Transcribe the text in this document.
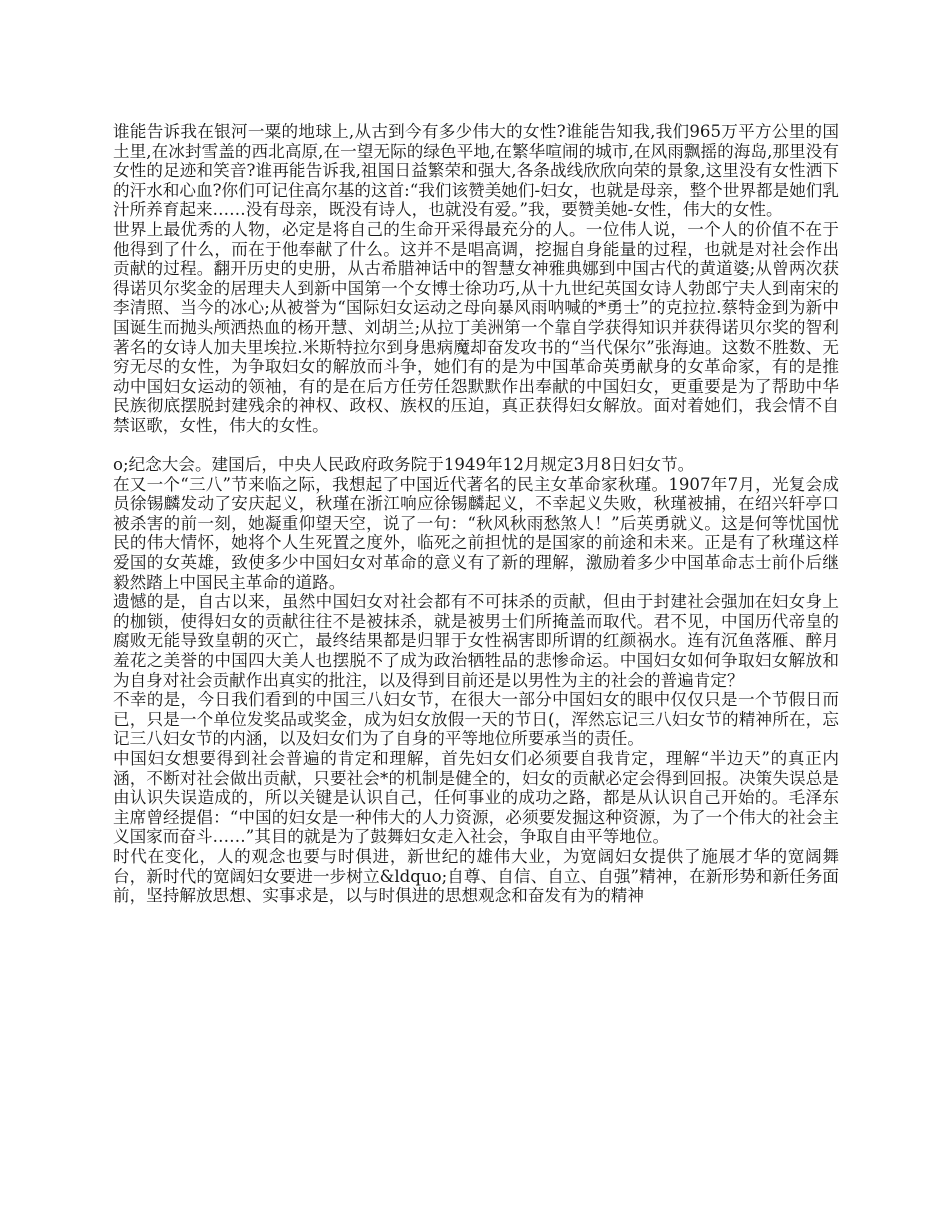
谁能告诉我在银河一粟的地球上,从古到今有多少伟大的女性?谁能告知我,我们965万平方公里的国土里,在冰封雪盖的西北高原,在一望无际的绿色平地,在繁华喧闹的城市,在风雨飘摇的海岛,那里没有女性的足迹和笑音?谁再能告诉我,祖国日益繁荣和强大,各条战线欣欣向荣的景象,这里没有女性洒下的汗水和心血?你们可记住高尔基的这首:“我们该赞美她们-妇女，也就是母亲，整个世界都是她们乳汁所养育起来……没有母亲，既没有诗人，也就没有爱。”我，要赞美她-女性，伟大的女性。

世界上最优秀的人物，必定是将自己的生命开采得最充分的人。一位伟人说，一个人的价值不在于他得到了什么，而在于他奉献了什么。这并不是唱高调，挖掘自身能量的过程，也就是对社会作出贡献的过程。翻开历史的史册，从古希腊神话中的智慧女神雅典娜到中国古代的黄道婆;从曾两次获得诺贝尔奖金的居理夫人到新中国第一个女博士徐功巧,从十九世纪英国女诗人勃郎宁夫人到南宋的李清照、当今的冰心;从被誉为“国际妇女运动之母向暴风雨呐喊的*勇士”的克拉拉.蔡特金到为新中国诞生而抛头颅洒热血的杨开慧、刘胡兰;从拉丁美洲第一个靠自学获得知识并获得诺贝尔奖的智利著名的女诗人加夫里埃拉.米斯特拉尔到身患病魔却奋发攻书的“当代保尔”张海迪。这数不胜数、无穷无尽的女性，为争取妇女的解放而斗争，她们有的是为中国革命英勇献身的女革命家，有的是推动中国妇女运动的领袖，有的是在后方任劳任怨默默作出奉献的中国妇女，更重要是为了帮助中华民族彻底摆脱封建残余的神权、政权、族权的压迫，真正获得妇女解放。面对着她们，我会情不自禁讴歌，女性，伟大的女性。

o;纪念大会。建国后，中央人民政府政务院于1949年12月规定3月8日妇女节。

在又一个“三八”节来临之际，我想起了中国近代著名的民主女革命家秋瑾。1907年7月，光复会成员徐锡麟发动了安庆起义，秋瑾在浙江响应徐锡麟起义，不幸起义失败，秋瑾被捕，在绍兴轩亭口被杀害的前一刻，她凝重仰望天空，说了一句：“秋风秋雨愁煞人！”后英勇就义。这是何等忧国忧民的伟大情怀，她将个人生死置之度外，临死之前担忧的是国家的前途和未来。正是有了秋瑾这样爱国的女英雄，致使多少中国妇女对革命的意义有了新的理解，激励着多少中国革命志士前仆后继毅然踏上中国民主革命的道路。

遗憾的是，自古以来，虽然中国妇女对社会都有不可抹杀的贡献，但由于封建社会强加在妇女身上的枷锁，使得妇女的贡献往往不是被抹杀，就是被男士们所掩盖而取代。君不见，中国历代帝皇的腐败无能导致皇朝的灭亡，最终结果都是归罪于女性祸害即所谓的红颜祸水。连有沉鱼落雁、醉月羞花之美誉的中国四大美人也摆脱不了成为政治牺牲品的悲惨命运。中国妇女如何争取妇女解放和为自身对社会贡献作出真实的批注，以及得到目前还是以男性为主的社会的普遍肯定？

不幸的是，今日我们看到的中国三八妇女节，在很大一部分中国妇女的眼中仅仅只是一个节假日而已，只是一个单位发奖品或奖金，成为妇女放假一天的节日(，浑然忘记三八妇女节的精神所在，忘记三八妇女节的内涵，以及妇女们为了自身的平等地位所要承当的责任。

中国妇女想要得到社会普遍的肯定和理解，首先妇女们必须要自我肯定，理解“半边天”的真正内涵，不断对社会做出贡献，只要社会*的机制是健全的，妇女的贡献必定会得到回报。决策失误总是由认识失误造成的，所以关键是认识自己，任何事业的成功之路，都是从认识自己开始的。毛泽东主席曾经提倡：“中国的妇女是一种伟大的人力资源，必须要发掘这种资源，为了一个伟大的社会主义国家而奋斗……”其目的就是为了鼓舞妇女走入社会，争取自由平等地位。

时代在变化，人的观念也要与时俱进，新世纪的雄伟大业，为宽阔妇女提供了施展才华的宽阔舞台，新时代的宽阔妇女要进一步树立&ldquo;自尊、自信、自立、自强”精神，在新形势和新任务面前，坚持解放思想、实事求是，以与时俱进的思想观念和奋发有为的精神
